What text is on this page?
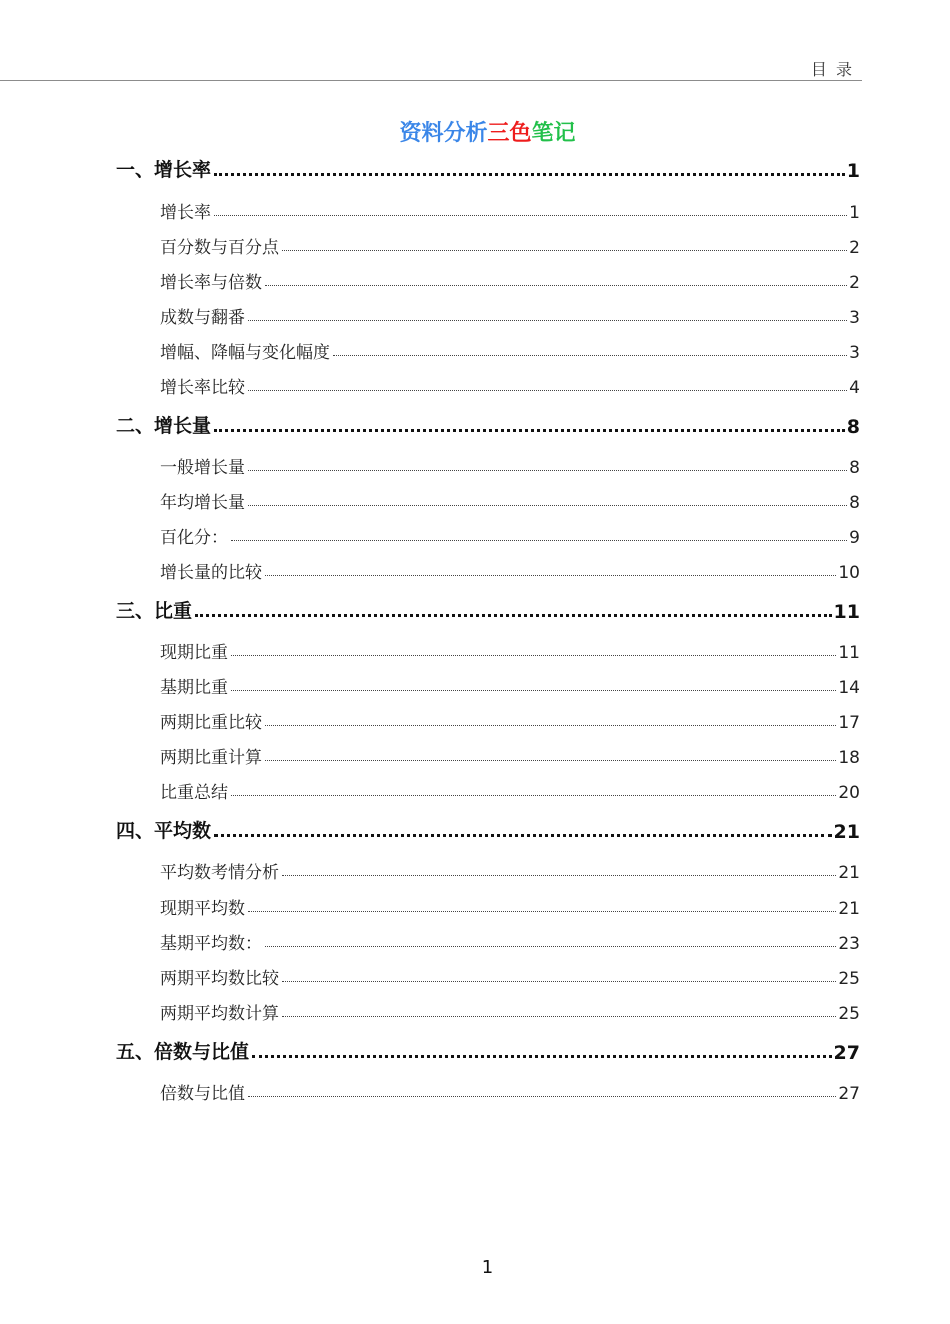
目 录
资料分析三色笔记
一、增长率	1
增长率	1
百分数与百分点	2
增长率与倍数	2
成数与翻番	3
增幅、降幅与变化幅度	3
增长率比较	4
二、增长量	8
一般增长量	8
年均增长量	8
百化分：	9
增长量的比较	10
三、比重	11
现期比重	11
基期比重	14
两期比重比较	17
两期比重计算	18
比重总结	20
四、平均数	21
平均数考情分析	21
现期平均数	21
基期平均数：	23
两期平均数比较	25
两期平均数计算	25
五、倍数与比值	27
倍数与比值	27
1
